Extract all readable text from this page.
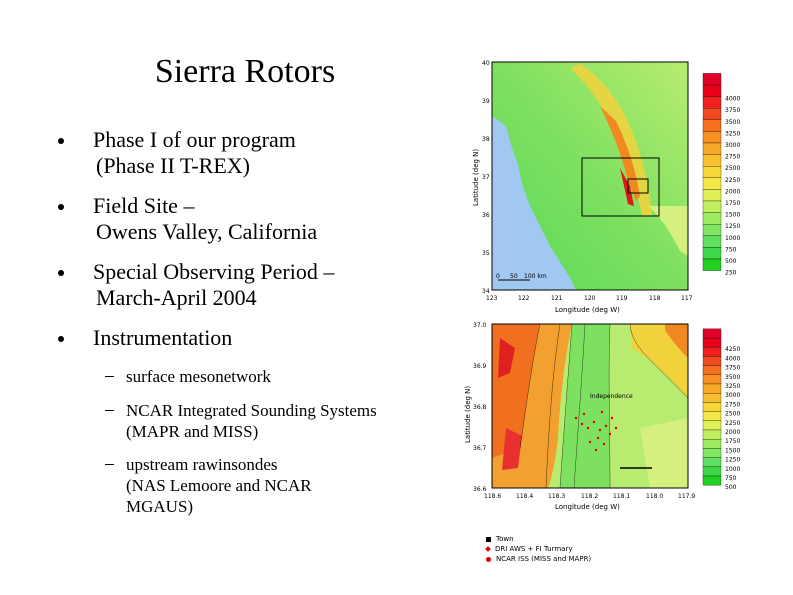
Sierra Rotors
Phase I of our program
(Phase II T-REX)
Field Site –
Owens Valley, California
Special Observing Period –
March-April 2004
Instrumentation
surface mesonetwork
NCAR Integrated Sounding Systems
(MAPR and MISS)
upstream rawinsondes
(NAS Lemoore and NCAR
MGAUS)
0 50 100 km
40
39
38
37
36
35
34
123	122	121	120	119	118	117
Longitude (deg W)
Latitude (deg N)
4000
3750
3500
3250
3000
2750
2500
2250
2000
1750
1500
1250
1000
750
500
250
Independence
37.0
36.9
36.8
36.7
36.6
118.6 118.4 118.3	118.2 118.1	118.0 117.9
Longitude (deg W)
Latitude (deg N)
4250
4000
3750
3500
3250
3000
2750
2500
2250
2000
1750
1500
1250
1000
750
500
Town
DRI AWS + FI Turmary
NCAR ISS (MISS and MAPR)
